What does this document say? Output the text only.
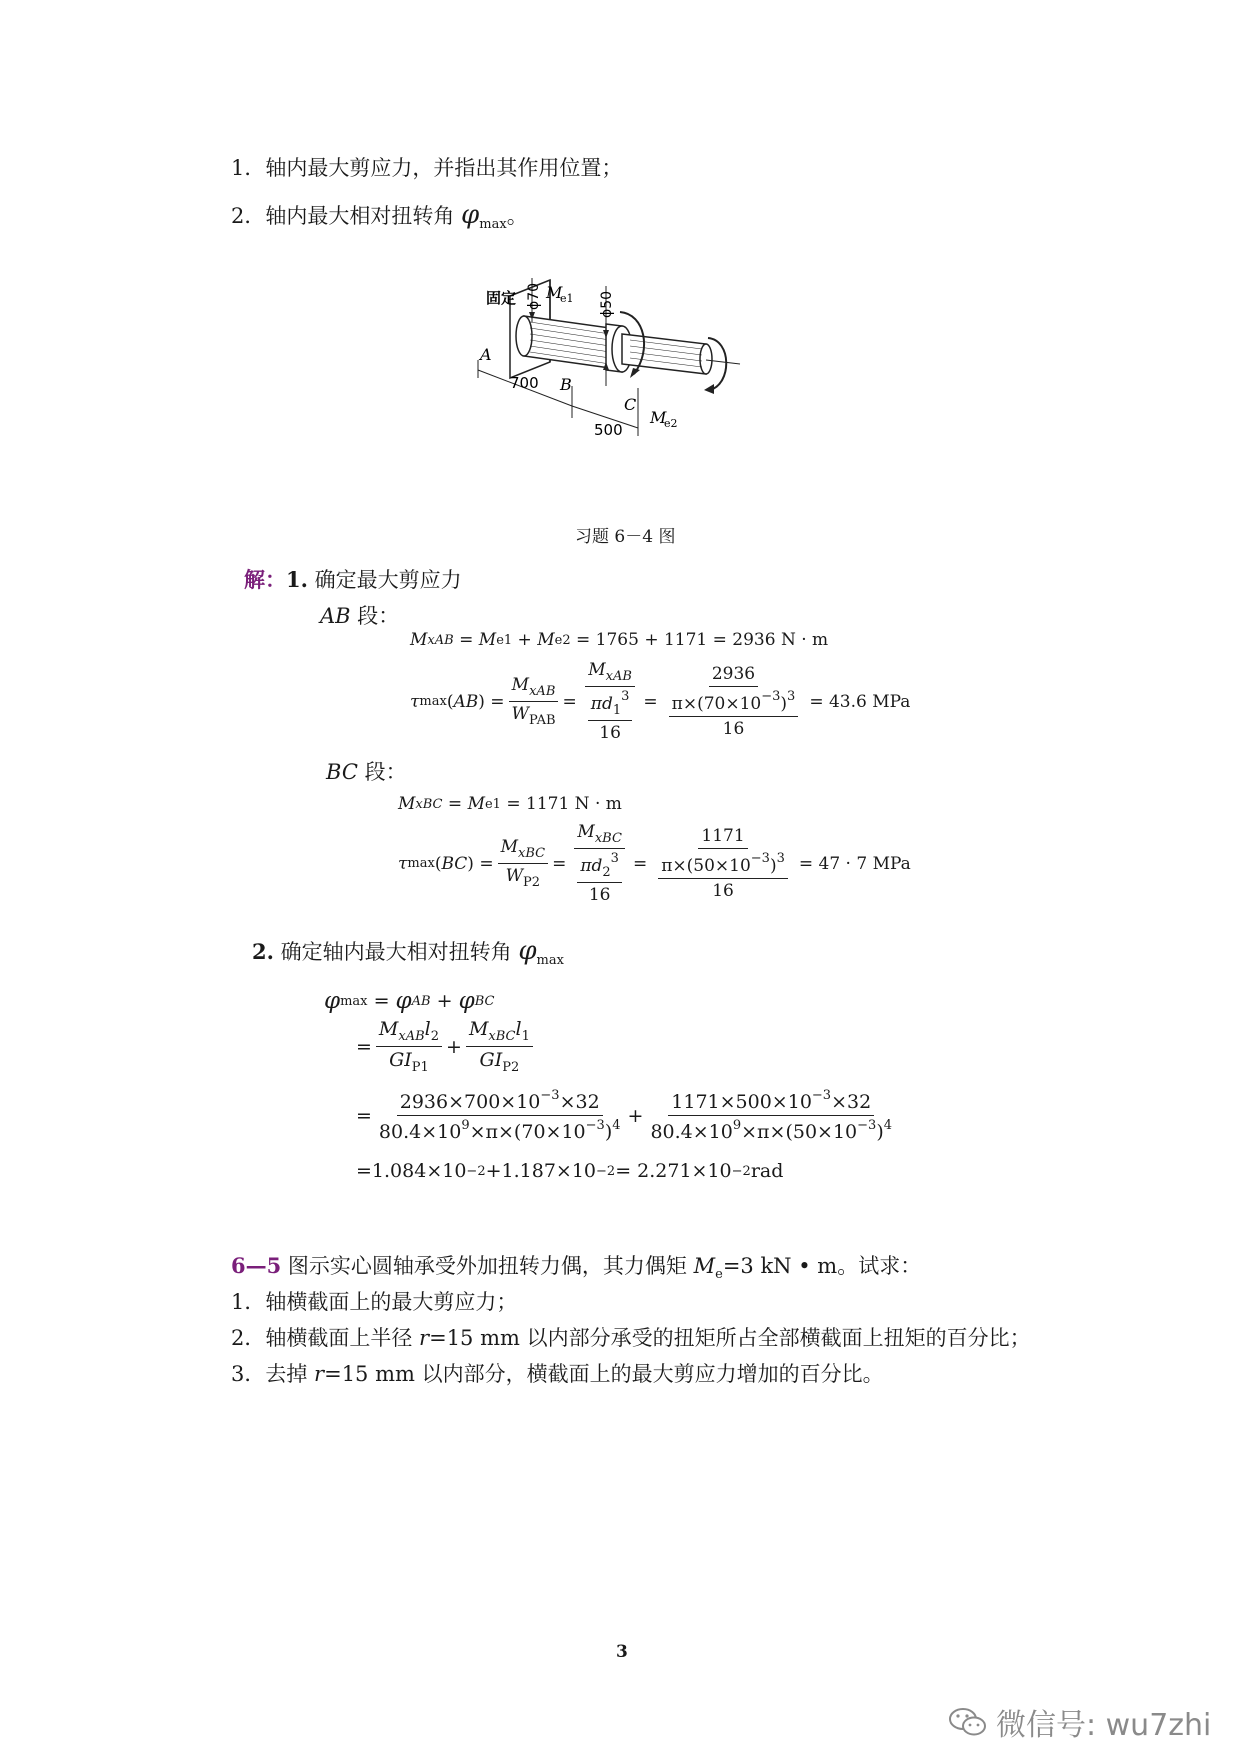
1．轴内最大剪应力，并指出其作用位置；
2．轴内最大相对扭转角 $\varphi_{max}$。
固定 ϕ70	ϕ50
M
e1
M
e2
A
B
C
700
500
习题 6－4 图
解：1. 确定最大剪应力
AB 段：
M xAB = M e1 + M e2
= 1765 + 1171 = 2936 N · m
τ max ( AB ) = $\frac{M_{xAB}}{W_{PAB}} = \frac{M_{xAB}}{\frac{\pi d_1^3}{16}} = \frac{2936}{\frac{\pi\times(70\times 10^{-3})^3}{16}} = 43.6$ MPa
BC 段：
M xBC = M e1
= 1171 N · m
τ max ( BC ) = $\frac{M_{xBC}}{W_{P2}} = \frac{M_{xBC}}{\frac{\pi d_2^3}{16}} = \frac{1171}{\frac{\pi\times(50\times 10^{-3})^3}{16}} = 47 \cdot 7$ MPa
2. 确定轴内最大相对扭转角 $\varphi_{max}$
φ max = φ AB + φ BC
= $\frac{M_{xAB}l_2}{GI_{P1}} + \frac{M_{xBC}l_1}{GI_{P2}}$
= $\frac{2936\times 700\times 10^{-3}\times 32}{80.4\times 10^9\times\pi\times(70\times 10^{-3})^4} + \frac{1171\times 500\times 10^{-3}\times 32}{80.4\times 10^9\times\pi\times(50\times 10^{-3})^4}$
=1.084×10 −2 +1.187×10 −2 = 2.271×10 −2 rad
6—5 图示实心圆轴承受外加扭转力偶，其力偶矩 $M_e=3$ kN • m。试求：
1．轴横截面上的最大剪应力；
2．轴横截面上半径 r=15 mm 以内部分承受的扭矩所占全部横截面上扭矩的百分比；
3．去掉 r=15 mm 以内部分，横截面上的最大剪应力增加的百分比。
3
微信号: wu7zhi
